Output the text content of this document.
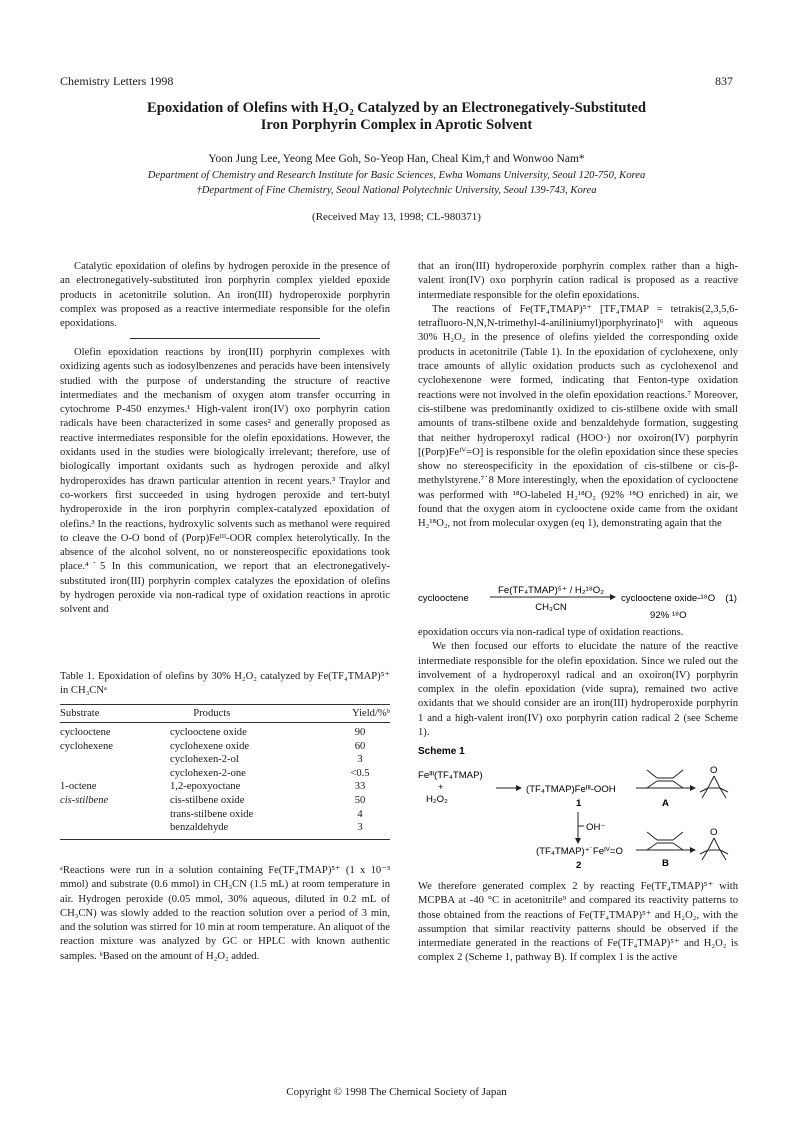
Chemistry Letters 1998	837
Epoxidation of Olefins with H₂O₂ Catalyzed by an Electronegatively-Substituted
Iron Porphyrin Complex in Aprotic Solvent
Yoon Jung Lee, Yeong Mee Goh, So-Yeop Han, Cheal Kim,† and Wonwoo Nam*
Department of Chemistry and Research Institute for Basic Sciences, Ewha Womans University, Seoul 120-750, Korea
†Department of Fine Chemistry, Seoul National Polytechnic University, Seoul 139-743, Korea
(Received May 13, 1998; CL-980371)

Catalytic epoxidation of olefins by hydrogen peroxide in the presence of an electronegatively-substituted iron porphyrin complex yielded epoxide products in acetonitrile solution. An iron(III) hydroperoxide porphyrin complex was proposed as a reactive intermediate responsible for the olefin epoxidations.

Olefin epoxidation reactions by iron(III) porphyrin complexes with oxidizing agents such as iodosylbenzenes and peracids have been intensively studied with the purpose of understanding the structure of reactive intermediates and the mechanism of oxygen atom transfer occurring in cytochrome P-450 enzymes.¹ High-valent iron(IV) oxo porphyrin cation radicals have been characterized in some cases² and generally proposed as reactive intermediates responsible for the olefin epoxidations. However, the oxidants used in the studies were biologically irrelevant; therefore, use of biologically important oxidants such as hydrogen peroxide and alkyl hydroperoxides has drawn particular attention in recent years.³ Traylor and co-workers first succeeded in using hydrogen peroxide and tert-butyl hydroperoxide in the iron porphyrin complex-catalyzed epoxidation of olefins.³ In the reactions, hydroxylic solvents such as methanol were required to cleave the O-O bond of (Porp)Feᴵᴵᴵ-OOR complex heterolytically. In the absence of the alcohol solvent, no or nonstereospecific epoxidations took place.⁴˙5 In this communication, we report that an electronegatively-substituted iron(III) porphyrin complex catalyzes the epoxidation of olefins by hydrogen peroxide via non-radical type of oxidation reactions in aprotic solvent and

Table 1. Epoxidation of olefins by 30% H₂O₂ catalyzed by Fe(TF₄TMAP)⁵⁺ in CH₃CNᵃ

Substrate	Products	Yield/%ᵇ
cyclooctene	cyclooctene oxide	90
cyclohexene	cyclohexene oxide	60
	cyclohexen-2-ol	3
	cyclohexen-2-one	<0.5
1-octene	1,2-epoxyoctane	33
cis-stilbene	cis-stilbene oxide	50
	trans-stilbene oxide	4
	benzaldehyde	3

ᵃReactions were run in a solution containing Fe(TF₄TMAP)⁵⁺ (1 x 10⁻³ mmol) and substrate (0.6 mmol) in CH₃CN (1.5 mL) at room temperature in air. Hydrogen peroxide (0.05 mmol, 30% aqueous, diluted in 0.2 mL of CH₃CN) was slowly added to the reaction solution over a period of 3 min, and the solution was stirred for 10 min at room temperature. An aliquot of the reaction mixture was analyzed by GC or HPLC with known authentic samples. ᵇBased on the amount of H₂O₂ added.

that an iron(III) hydroperoxide porphyrin complex rather than a high-valent iron(IV) oxo porphyrin cation radical is proposed as a reactive intermediate responsible for the olefin epoxidations.

The reactions of Fe(TF₄TMAP)⁵⁺ [TF₄TMAP = tetrakis(2,3,5,6-tetrafluoro-N,N,N-trimethyl-4-aniliniumyl)porphyrinato]⁶ with aqueous 30% H₂O₂ in the presence of olefins yielded the corresponding oxide products in acetonitrile (Table 1). In the epoxidation of cyclohexene, only trace amounts of allylic oxidation products such as cyclohexenol and cyclohexenone were formed, indicating that Fenton-type oxidation reactions were not involved in the olefin epoxidation reactions.⁷ Moreover, cis-stilbene was predominantly oxidized to cis-stilbene oxide with small amounts of trans-stilbene oxide and benzaldehyde formation, suggesting that neither hydroperoxyl radical (HOO·) nor oxoiron(IV) porphyrin [(Porp)Feᴵⱽ=O] is responsible for the olefin epoxidation since these species show no stereospecificity in the epoxidation of cis-stilbene or cis-β-methylstyrene.⁷˙8 More interestingly, when the epoxidation of cyclooctene was performed with ¹⁸O-labeled H₂¹⁸O₂ (92% ¹⁸O enriched) in air, we found that the oxygen atom in cyclooctene oxide came from the oxidant H₂¹⁸O₂, not from molecular oxygen (eq 1), demonstrating again that the

cyclooctene
Fe(TF₄TMAP)⁵⁺ / H₂¹⁸O₂
CH₃CN
cyclooctene oxide-¹⁸O (1)
92% ¹⁸O

epoxidation occurs via non-radical type of oxidation reactions.

We then focused our efforts to elucidate the nature of the reactive intermediate responsible for the olefin epoxidation. Since we ruled out the involvement of a hydroperoxyl radical and an oxoiron(IV) porphyrin complex in the olefin epoxidation (vide supra), remained two active oxidants that we should consider are an iron(III) hydroperoxide porphyrin 1 and a high-valent iron(IV) oxo porphyrin cation radical 2 (see Scheme 1).

Scheme 1
Feᴵᴵᴵ(TF₄TMAP)
+
H₂O₂
(TF₄TMAP)Feᴵᴵᴵ-OOH
1	A
O
OH⁻
(TF₄TMAP)⁺˙Feᴵⱽ=O
2	B
O

We therefore generated complex 2 by reacting Fe(TF₄TMAP)⁵⁺ with MCPBA at -40 °C in acetonitrile⁹ and compared its reactivity patterns to those obtained from the reactions of Fe(TF₄TMAP)⁵⁺ and H₂O₂, with the assumption that similar reactivity patterns should be observed if the intermediate generated in the reactions of Fe(TF₄TMAP)⁵⁺ and H₂O₂ is complex 2 (Scheme 1, pathway B). If complex 1 is the active

Copyright © 1998 The Chemical Society of Japan
